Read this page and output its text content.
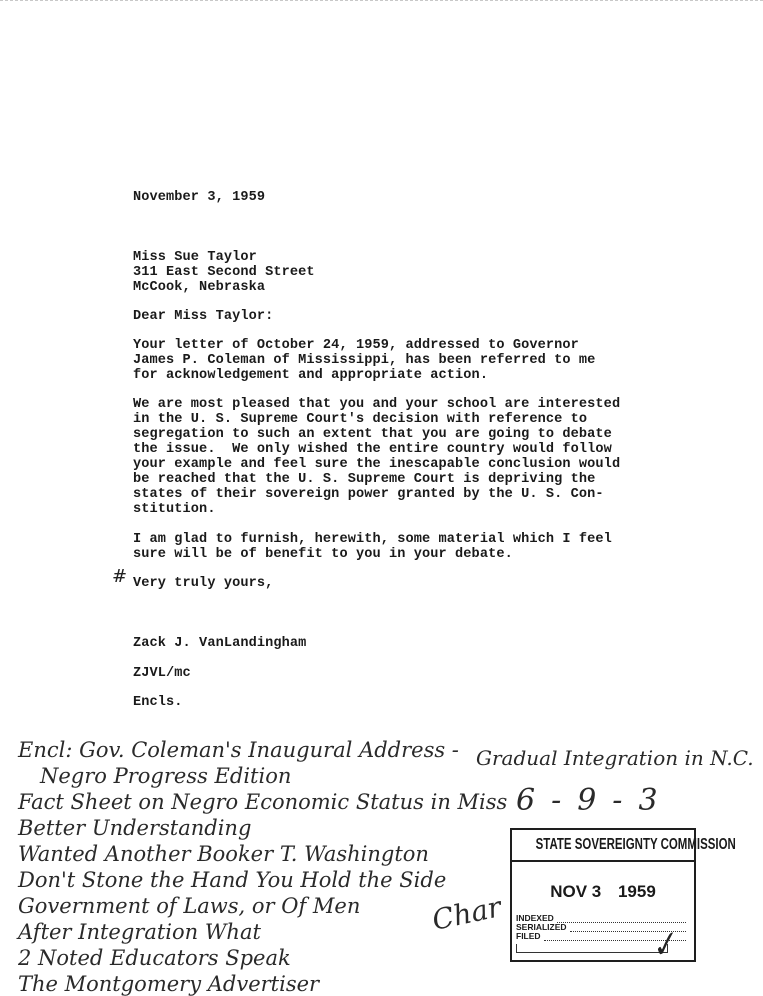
November 3, 1959
Miss Sue Taylor
311 East Second Street
McCook, Nebraska
Dear Miss Taylor:
Your letter of October 24, 1959, addressed to Governor
James P. Coleman of Mississippi, has been referred to me
for acknowledgement and appropriate action.
We are most pleased that you and your school are interested
in the U. S. Supreme Court's decision with reference to
segregation to such an extent that you are going to debate
the issue.  We only wished the entire country would follow
your example and feel sure the inescapable conclusion would
be reached that the U. S. Supreme Court is depriving the
states of their sovereign power granted by the U. S. Con-
stitution.
I am glad to furnish, herewith, some material which I feel
sure will be of benefit to you in your debate.
Very truly yours,
Zack J. VanLandingham
ZJVL/mc
Encls.
#
Encl: Gov. Coleman's Inaugural Address -
Negro Progress Edition
Fact Sheet on Negro Economic Status in Miss
Better Understanding
Wanted Another Booker T. Washington
Don't Stone the Hand You Hold the Side
Government of Laws, or Of Men
After Integration What
2 Noted Educators Speak
The Montgomery Advertiser
Gradual Integration in N.C.
6-9-3
Char
STATE SOVEREIGNTY COMMISSION
NOV 3 1959
INDEXED
SERIALIZED
FILED	✓
